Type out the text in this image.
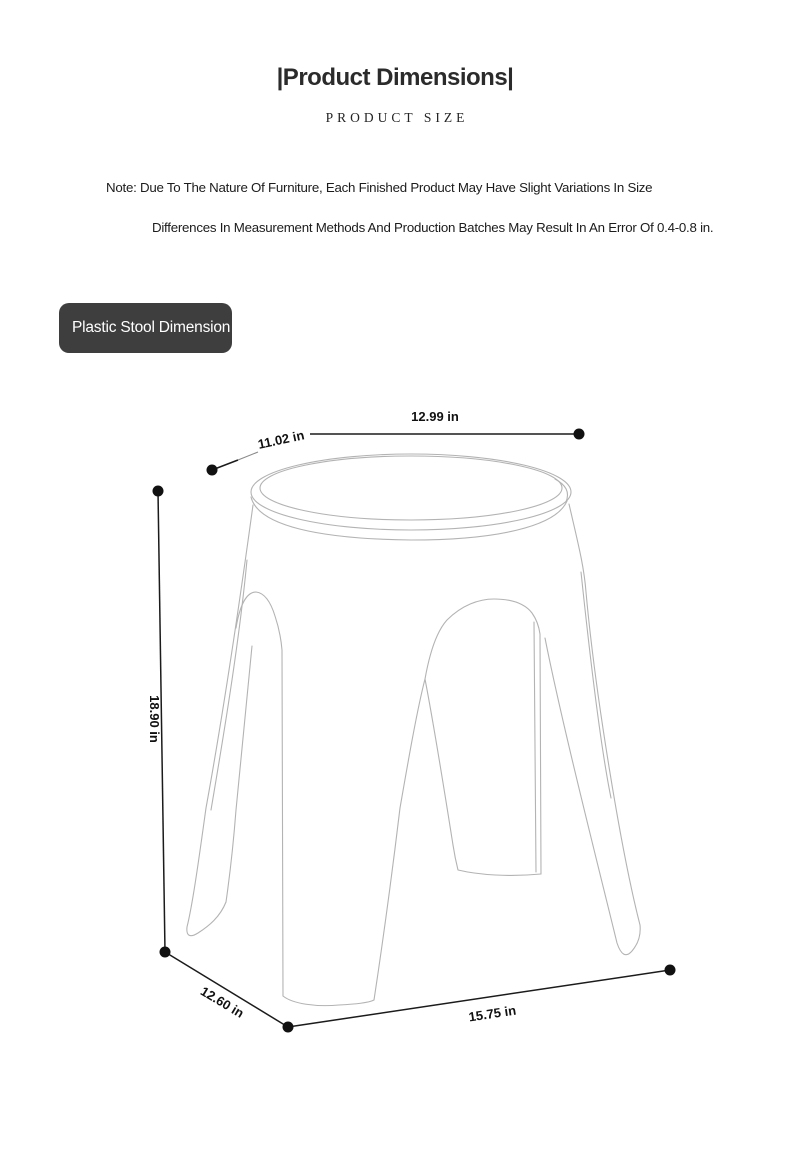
|Product Dimensions|
PRODUCT SIZE
Note: Due To The Nature Of Furniture, Each Finished Product May Have Slight Variations In Size
Differences In Measurement Methods And Production Batches May Result In An Error Of 0.4-0.8 in.
Plastic Stool Dimension
12.99 in
11.02 in
18.90 in
12.60 in	15.75 in
